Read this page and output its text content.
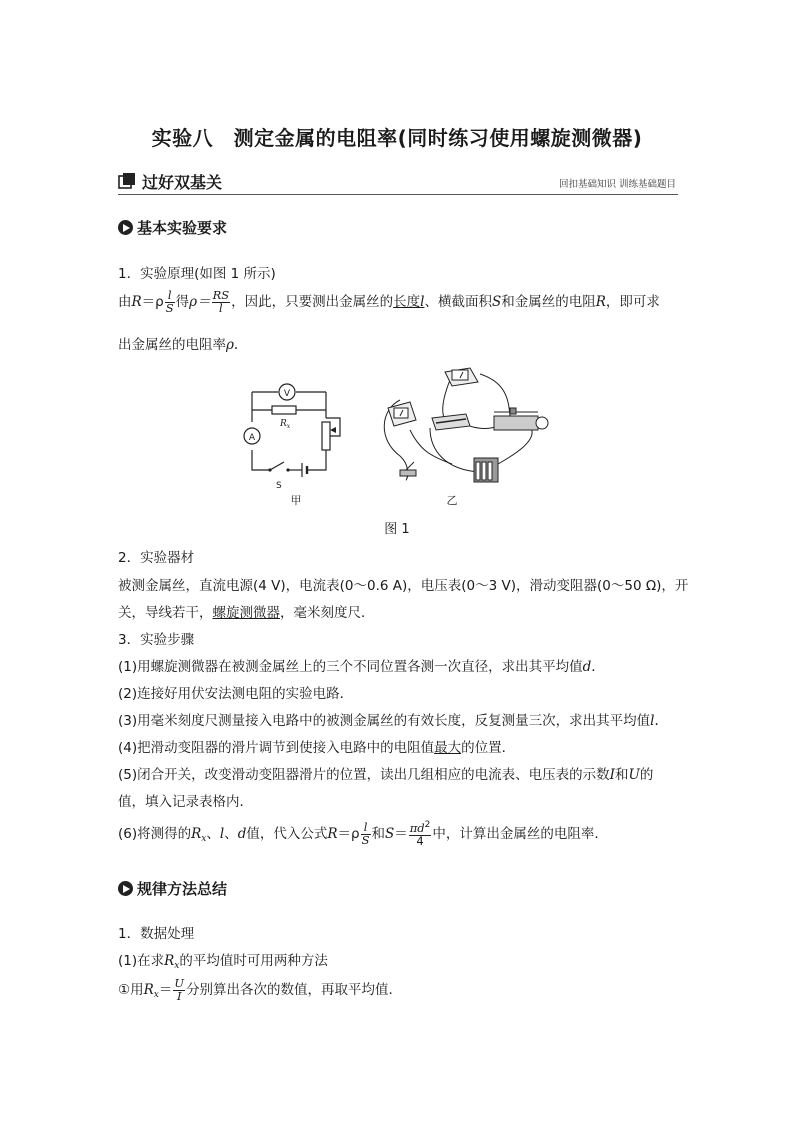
实验八　测定金属的电阻率(同时练习使用螺旋测微器)
过好双基关	回扣基础知识 训练基础题目
基本实验要求
1．实验原理(如图 1 所示)
由$R=\rho \frac{l}{S}$ 得$\rho= \frac{RS}{l}$ ，因此，只要测出金属丝的长度l、横截面积S和金属丝的电阻R，即可求
出金属丝的电阻率ρ.
V
A
$R_x$
S
甲	乙
图 1
2．实验器材
被测金属丝，直流电源(4 V)，电流表(0～0.6 A)，电压表(0～3 V)，滑动变阻器(0～50 Ω)，开
关，导线若干，螺旋测微器，毫米刻度尺．
3．实验步骤
(1)用螺旋测微器在被测金属丝上的三个不同位置各测一次直径，求出其平均值d.
(2)连接好用伏安法测电阻的实验电路．
(3)用毫米刻度尺测量接入电路中的被测金属丝的有效长度，反复测量三次，求出其平均值l.
(4)把滑动变阻器的滑片调节到使接入电路中的电阻值最大的位置．
(5)闭合开关，改变滑动变阻器滑片的位置，读出几组相应的电流表、电压表的示数I和U的
值，填入记录表格内．
(6)将测得的$R_x$、l、d值，代入公式$R=\rho \frac{l}{S}$ 和$S= \frac{\pi d^2}{4}$ 中，计算出金属丝的电阻率．
规律方法总结
1．数据处理
(1)在求$R_x$的平均值时可用两种方法
①用$R_x= \frac{U}{I}$ 分别算出各次的数值，再取平均值．
